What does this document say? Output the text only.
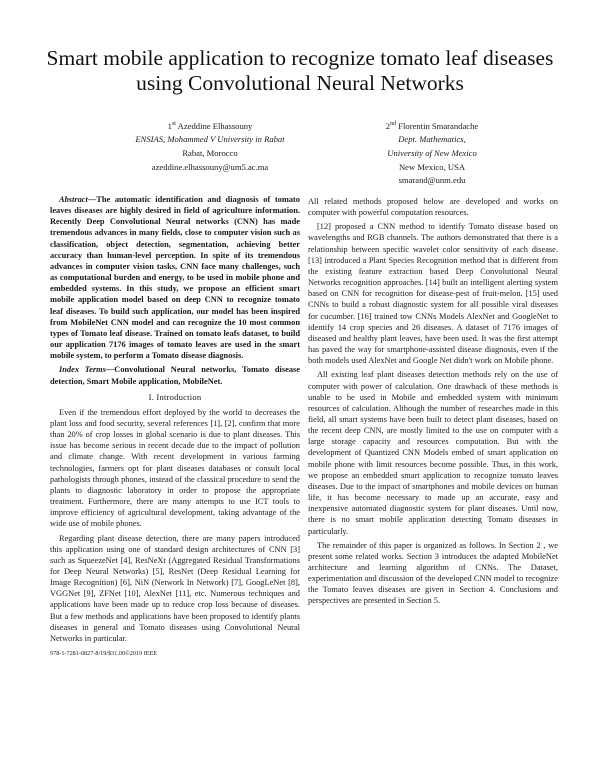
Smart mobile application to recognize tomato leaf diseases using Convolutional Neural Networks
1st Azeddine Elhassouny
ENSIAS, Mohammed V University in Rabat
Rabat, Morocco
azeddine.elhassouny@um5.ac.ma
2nd Florentin Smarandache
Dept. Mathematics,
University of New Mexico
New Mexico, USA
smarand@unm.edu

Abstract—The automatic identification and diagnosis of tomato leaves diseases are highly desired in field of agriculture information. Recently Deep Convolutional Neural networks (CNN) has made tremendous advances in many fields, close to computer vision such as classification, object detection, segmentation, achieving better accuracy than human-level perception. In spite of its tremendous advances in computer vision tasks, CNN face many challenges, such as computational burden and energy, to be used in mobile phone and embedded systems. In this study, we propose an efficient smart mobile application model based on deep CNN to recognize tomato leaf diseases. To build such application, our model has been inspired from MobileNet CNN model and can recognize the 10 most common types of Tomato leaf disease. Trained on tomato leafs dataset, to build our application 7176 images of tomato leaves are used in the smart mobile system, to perform a Tomato disease diagnosis.

Index Terms—Convolutional Neural networks, Tomato disease detection, Smart Mobile application, MobileNet.

I. Introduction

Even if the tremendous effort deployed by the world to decreases the plant loss and food security, several references [1], [2], confirm that more than 20% of crop losses in global scenario is due to plant diseases. This issue has become serious in recent decade due to the impact of pollution and climate change. With recent development in various farming technologies, farmers opt for plant diseases databases or consult local pathologists through phones, instead of the classical procedure to send the plants to diagnostic laboratory in order to propose the appropriate treatment. Furthermore, there are many attempts to use ICT tools to improve efficiency of agricultural development, taking advantage of the wide use of mobile phones.

Regarding plant disease detection, there are many papers introduced this application using one of standard design architectures of CNN [3] such as SqueezeNet [4], ResNeXt (Aggregated Residual Transformations for Deep Neural Networks) [5], ResNet (Deep Residual Learning for Image Recognition) [6], NiN (Network In Network) [7], GoogLeNet [8], VGGNet [9], ZFNet [10], AlexNet [11], etc. Numerous techniques and applications have been made up to reduce crop loss because of diseases. But a few methods and applications have been proposed to identify plants diseases in general and Tomato diseases using Convolutional Neural Networks in particular.

978-1-7281-0827-8/19/$31.00©2019 IEEE

All related methods proposed below are developed and works on computer with powerful computation resources.

[12] proposed a CNN method to identify Tomato disease based on wavelengths and RGB channels. The authors demonstrated that there is a relationship between specific wavelet color sensitivity of each disease. [13] introduced a Plant Species Recognition method that is different from the existing feature extraction based Deep Convolutional Neural Networks recognition approaches. [14] built an intelligent alerting system based on CNN for recognition for disease-pest of fruit-melon. [15] used CNNs to build a robust diagnostic system for all possible viral diseases for cucumber. [16] trained tow CNNs Models AlexNet and GoogleNet to identify 14 crop species and 26 diseases. A dataset of 7176 images of diseased and healthy plant leaves, have been used. It was the first attempt has paved the way for smartphone-assisted disease diagnosis, even if the both models used AlexNet and Google Net didn't work on Mobile phone.

All existing leaf plant diseases detection methods rely on the use of computer with power of calculation. One drawback of these methods is unable to be used in Mobile and embedded system with minimum resources of calculation. Although the number of researches made in this field, all smart systems have been built to detect plant diseases, based on the recent deep CNN, are mostly limited to the use on computer with a large storage capacity and resources computation. But with the development of Quantized CNN Models embed of smart application on mobile phone with limit resources become possible. Thus, in this work, we propose an embedded smart application to recognize tomato leaves diseases. Due to the impact of smartphones and mobile devices on human life, it has become necessary to made up an accurate, easy and inexpensive automated diagnostic system for plant diseases. Until now, there is no smart mobile application detecting Tomato diseases in particularly.

The remainder of this paper is organized as follows. In Section 2 , we present some related works. Section 3 introduces the adapted MobileNet architecture and learning algorithm of CNNs. The Dataset, experimentation and discussion of the developed CNN model to recognize the Tomato leaves diseases are given in Section 4. Conclusions and perspectives are presented in Section 5.
